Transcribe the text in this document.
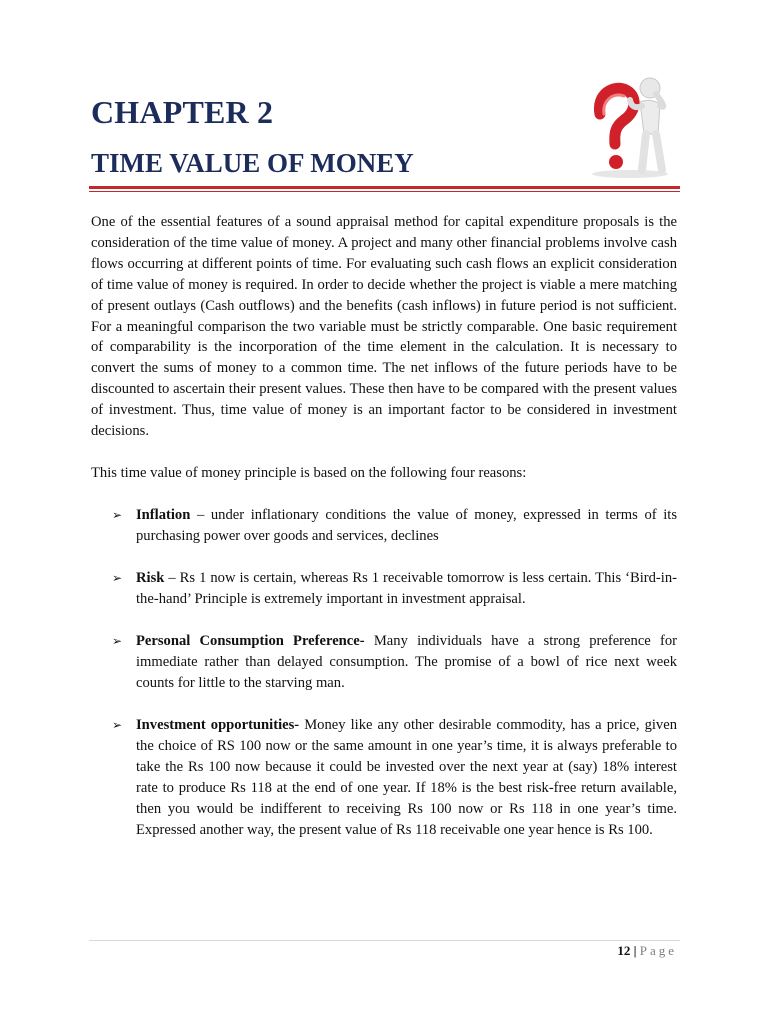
CHAPTER 2
TIME VALUE OF MONEY
One of the essential features of a sound appraisal method for capital expenditure proposals is the consideration of the time value of money. A project and many other financial problems involve cash flows occurring at different points of time. For evaluating such cash flows an explicit consideration of time value of money is required. In order to decide whether the project is viable a mere matching of present outlays (Cash outflows) and the benefits (cash inflows) in future period is not sufficient. For a meaningful comparison the two variable must be strictly comparable. One basic requirement of comparability is the incorporation of the time element in the calculation. It is necessary to convert the sums of money to a common time. The net inflows of the future periods have to be discounted to ascertain their present values. These then have to be compared with the present values of investment. Thus, time value of money is an important factor to be considered in investment decisions.
This time value of money principle is based on the following four reasons:
➢ Inflation – under inflationary conditions the value of money, expressed in terms of its purchasing power over goods and services, declines
➢ Risk – Rs 1 now is certain, whereas Rs 1 receivable tomorrow is less certain. This ‘Bird-in-the-hand’ Principle is extremely important in investment appraisal.
➢ Personal Consumption Preference- Many individuals have a strong preference for immediate rather than delayed consumption. The promise of a bowl of rice next week counts for little to the starving man.
➢ Investment opportunities- Money like any other desirable commodity, has a price, given the choice of RS 100 now or the same amount in one year’s time, it is always preferable to take the Rs 100 now because it could be invested over the next year at (say) 18% interest rate to produce Rs 118 at the end of one year. If 18% is the best risk-free return available, then you would be indifferent to receiving Rs 100 now or Rs 118 in one year’s time. Expressed another way, the present value of Rs 118 receivable one year hence is Rs 100.
12 | Page
